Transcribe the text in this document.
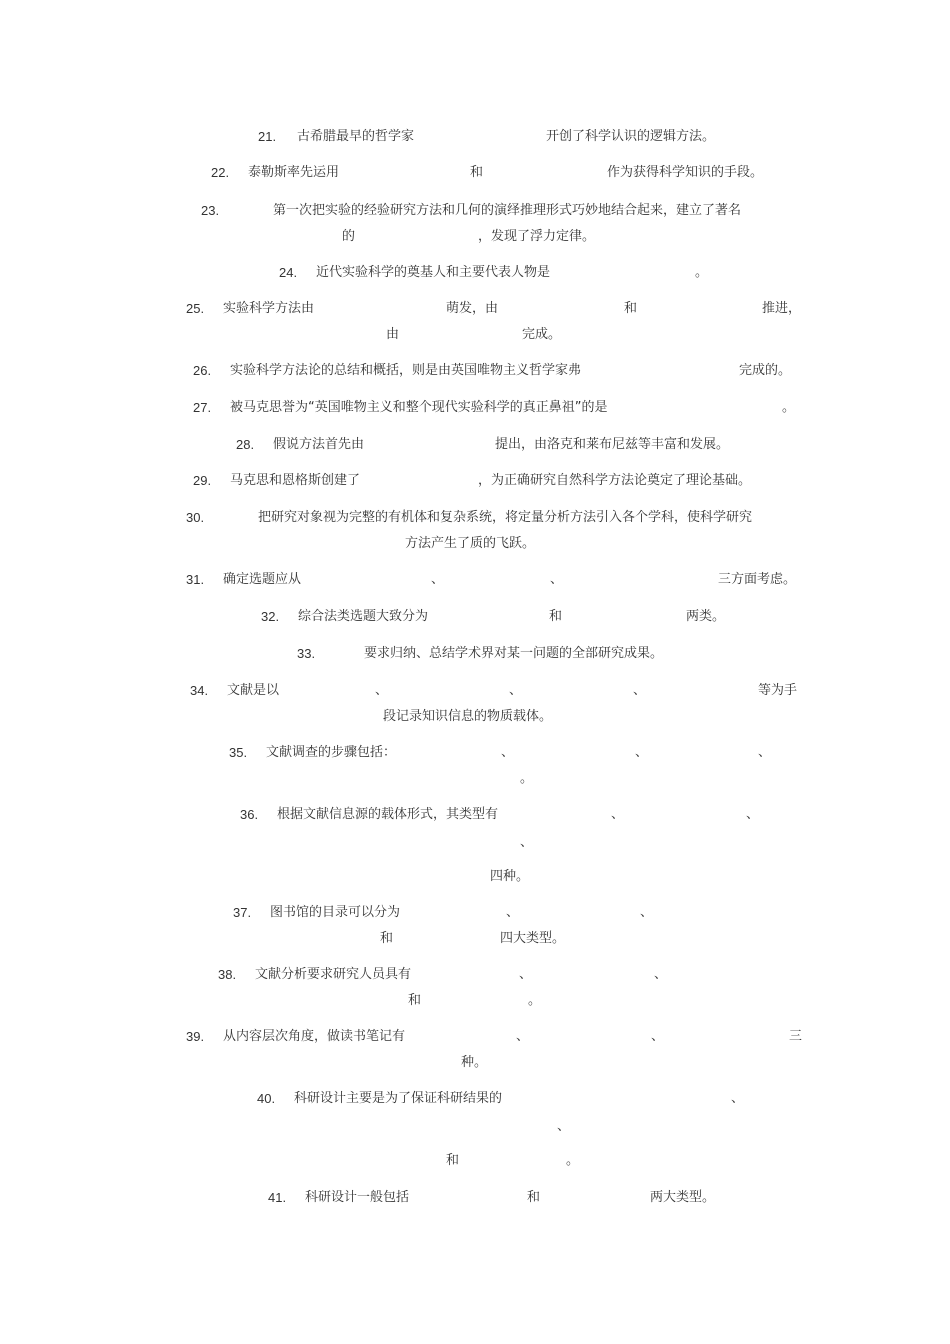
21. 古希腊最早的哲学家	开创了科学认识的逻辑方法。
22. 泰勒斯率先运用	和	作为获得科学知识的手段。
23.	第一次把实验的经验研究方法和几何的演绎推理形式巧妙地结合起来，建立了著名
的	，发现了浮力定律。
24. 近代实验科学的奠基人和主要代表人物是	。
25. 实验科学方法由	萌发，由	和	推进，
由	完成。
26. 实验科学方法论的总结和概括，则是由英国唯物主义哲学家弗	完成的。
27. 被马克思誉为“英国唯物主义和整个现代实验科学的真正鼻祖”的是	。
28. 假说方法首先由	提出，由洛克和莱布尼兹等丰富和发展。
29. 马克思和恩格斯创建了	，为正确研究自然科学方法论奠定了理论基础。
30.	把研究对象视为完整的有机体和复杂系统，将定量分析方法引入各个学科，使科学研究
方法产生了质的飞跃。
31. 确定选题应从	、	、	三方面考虑。
32. 综合法类选题大致分为	和	两类。
33.	要求归纳、总结学术界对某一问题的全部研究成果。
34. 文献是以	、	、	、	等为手
段记录知识信息的物质载体。
35. 文献调查的步骤包括：	、	、	、
。
36. 根据文献信息源的载体形式，其类型有	、	、
、
四种。
37. 图书馆的目录可以分为	、	、
和	四大类型。
38. 文献分析要求研究人员具有	、	、
和	。
39. 从内容层次角度，做读书笔记有	、	、	三
种。
40. 科研设计主要是为了保证科研结果的	、
、
和	。
41. 科研设计一般包括	和	两大类型。
